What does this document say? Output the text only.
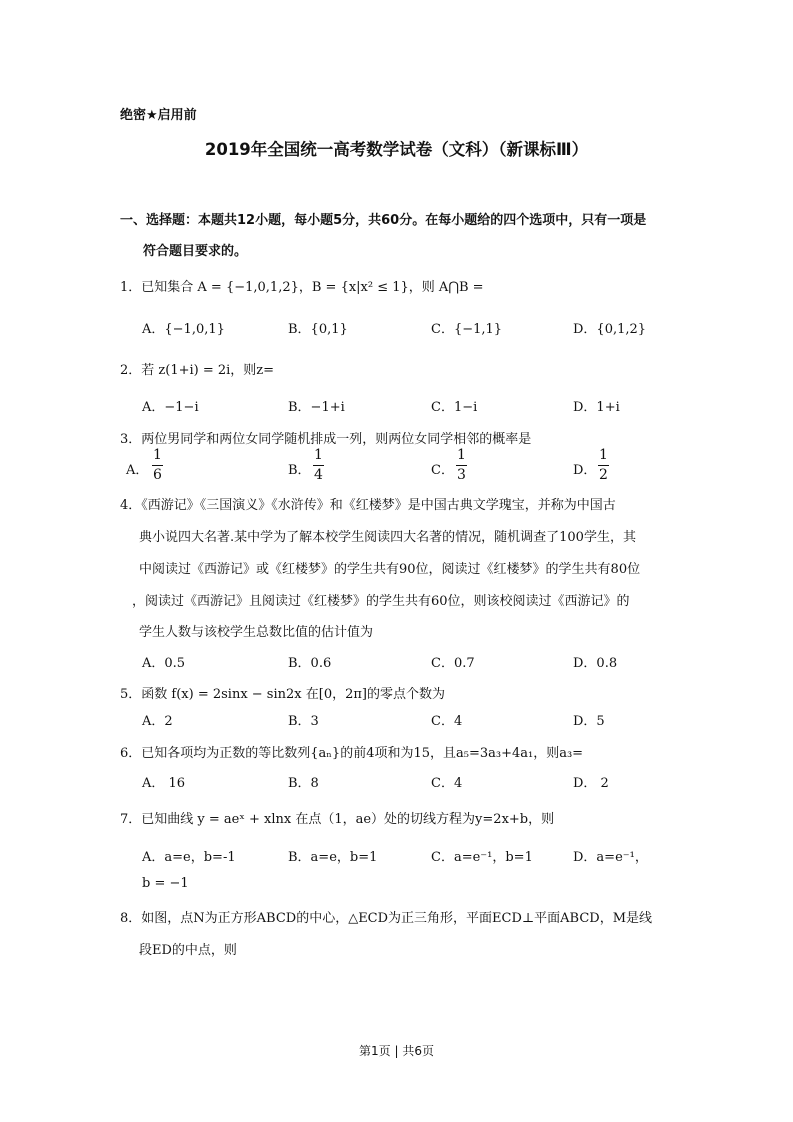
绝密★启用前
2019年全国统一高考数学试卷（文科）（新课标Ⅲ）
一、选择题：本题共12小题，每小题5分，共60分。在每小题给的四个选项中，只有一项是
符合题目要求的。
1．已知集合 A = {−1,0,1,2}，B = {x|x² ≤ 1}，则 A⋂B =
A．{−1,0,1}	B．{0,1}	C．{−1,1}	D．{0,1,2}
2．若 z(1+i) = 2i，则z=
A．−1−i	B．−1+i	C．1−i	D．1+i
3．两位男同学和两位女同学随机排成一列，则两位女同学相邻的概率是
A．
1
6	B．
1
4	C．
1
3	D．
1
2
4．《西游记》《三国演义》《水浒传》和《红楼梦》是中国古典文学瑰宝，并称为中国古
典小说四大名著.某中学为了解本校学生阅读四大名著的情况，随机调查了100学生，其
中阅读过《西游记》或《红楼梦》的学生共有90位，阅读过《红楼梦》的学生共有80位
，阅读过《西游记》且阅读过《红楼梦》的学生共有60位，则该校阅读过《西游记》的
学生人数与该校学生总数比值的估计值为
A．0.5	B．0.6	C．0.7	D．0.8
5．函数 f(x) = 2sinx − sin2x 在[0，2π]的零点个数为
A．2	B．3	C．4	D．5
6．已知各项均为正数的等比数列{aₙ}的前4项和为15，且a₅=3a₃+4a₁，则a₃=
A． 16	B．8	C．4	D． 2
7．已知曲线 y = aeˣ + xlnx 在点（1，ae）处的切线方程为y=2x+b，则
A．a=e，b=-1	B．a=e，b=1	C．a=e⁻¹，b=1	D．a=e⁻¹，
b = −1
8．如图，点N为正方形ABCD的中心，△ECD为正三角形，平面ECD⊥平面ABCD，M是线
段ED的中点，则
第1页 | 共6页
